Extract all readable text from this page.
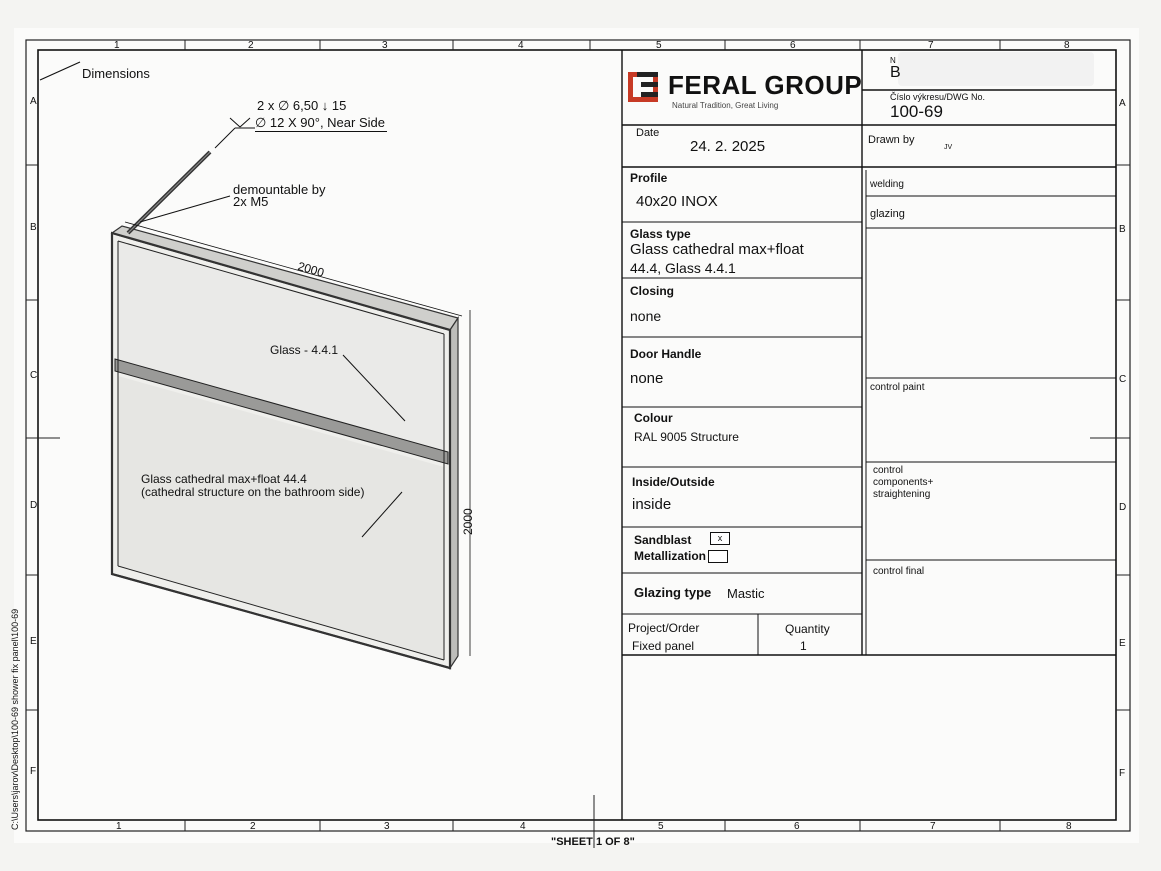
1	2	3	4	5	6	7	8
1	2	3	4	5	6	7	8
A
B
C
D
E
F
A
B
C
D
E
F
C:\Users\jarov\Desktop\100-69 shower fix panel\100-69
"SHEET 1 OF 8"
Dimensions
2 x ∅ 6,50 ↓ 15
∅ 12 X 90°, Near Side
demountable by
2x M5
2000
2000
Glass - 4.4.1
Glass cathedral max+float 44.4
(cathedral structure on the bathroom side)
FERAL GROUP
Natural Tradition, Great Living
N
B
Číslo výkresu/DWG No.
100-69
Date
24. 2. 2025	Drawn by
JV
Profile
40x20 INOX
Glass type
Glass cathedral max+float
44.4, Glass 4.4.1
Closing
none
Door Handle
none
Colour
RAL 9005 Structure
Inside/Outside
inside
Sandblast	x
Metallization
Glazing type Mastic
Project/Order
Fixed panel
Quantity
1
welding
glazing
control paint
control
components+
straightening
control final
